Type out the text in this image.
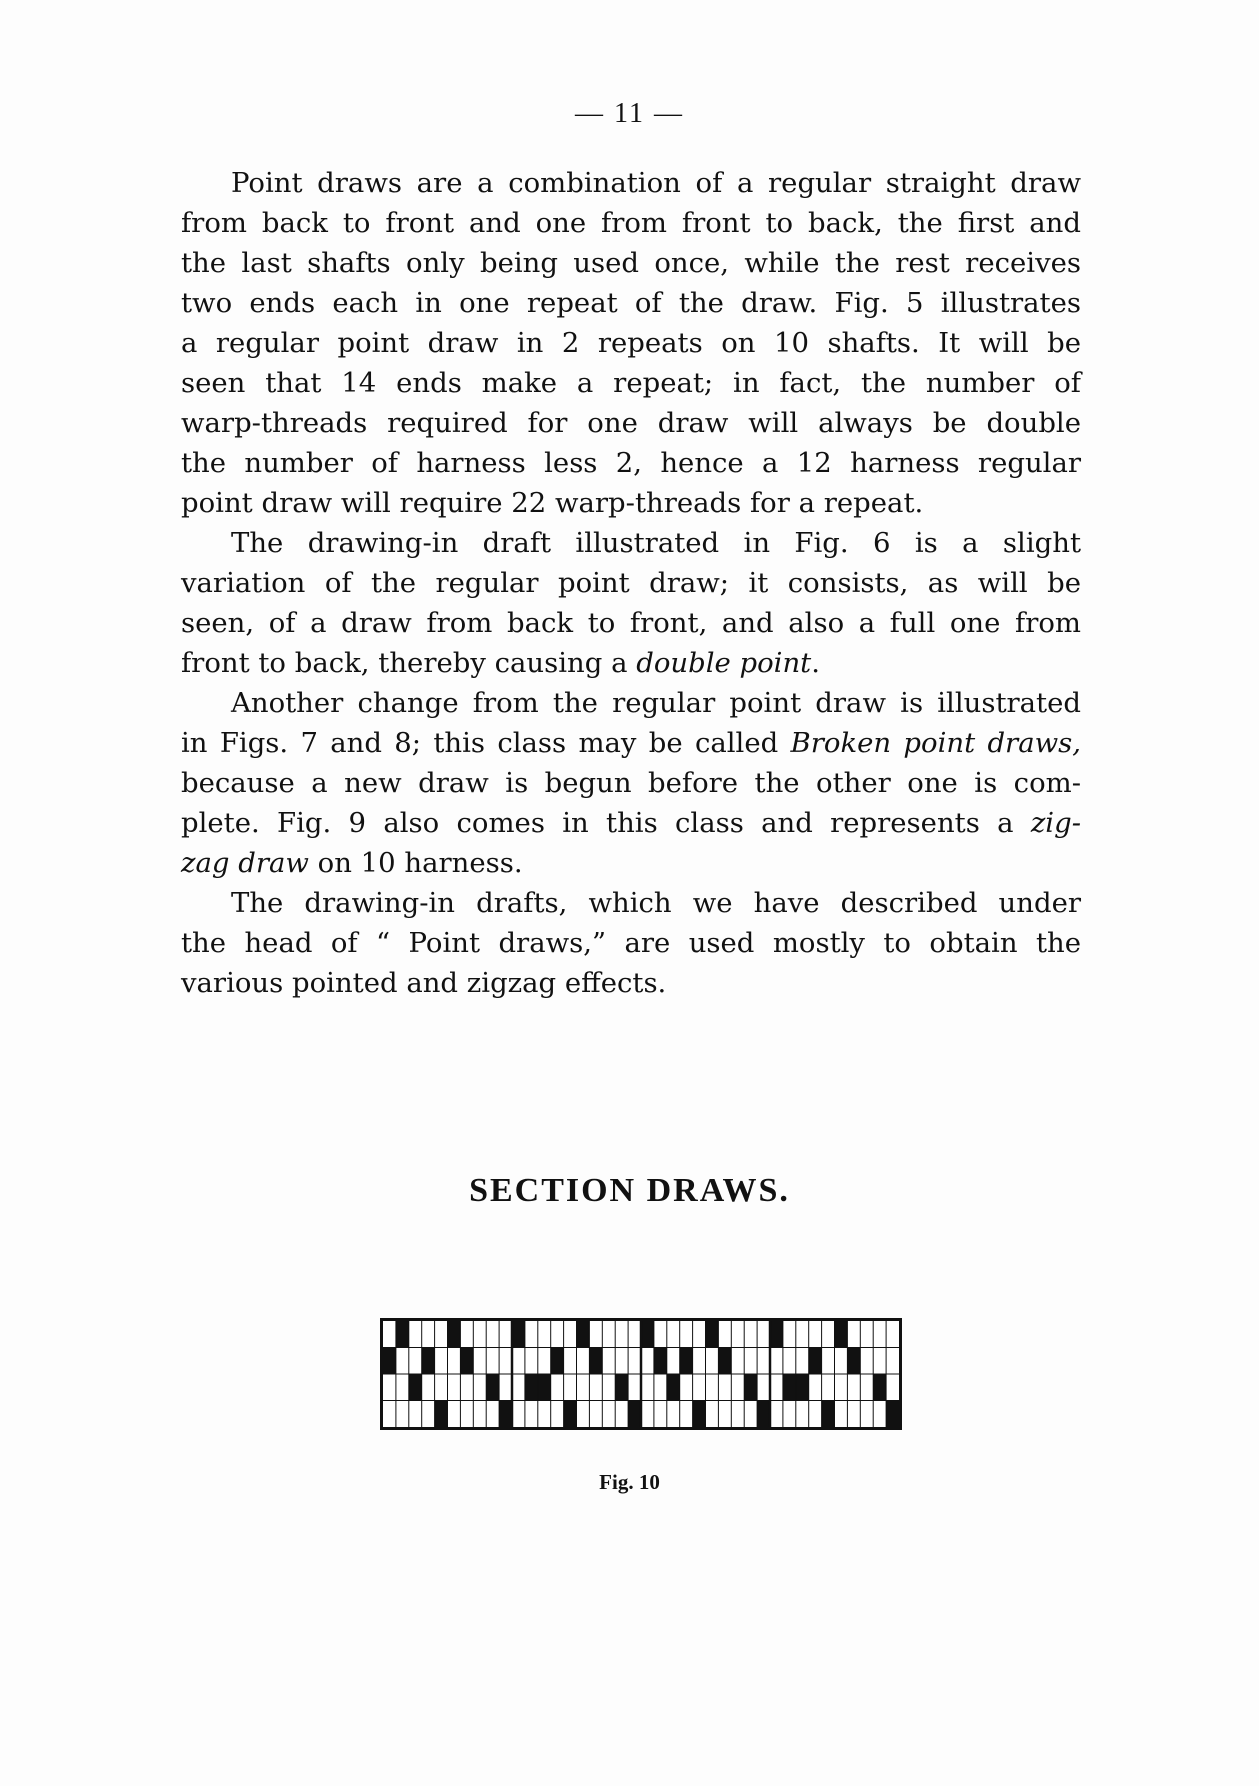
— 11 —
Point draws are a combination of a regular straight draw
from back to front and one from front to back, the first and
the last shafts only being used once, while the rest receives
two ends each in one repeat of the draw. Fig. 5 illustrates
a regular point draw in 2 repeats on 10 shafts. It will be
seen that 14 ends make a repeat; in fact, the number of
warp-threads required for one draw will always be double
the number of harness less 2, hence a 12 harness regular
point draw will require 22 warp-threads for a repeat.
The drawing-in draft illustrated in Fig. 6 is a slight
variation of the regular point draw; it consists, as will be
seen, of a draw from back to front, and also a full one from
front to back, thereby causing a double point.
Another change from the regular point draw is illustrated
in Figs. 7 and 8; this class may be called Broken point draws,
because a new draw is begun before the other one is com-
plete. Fig. 9 also comes in this class and represents a zig-
zag draw on 10 harness.
The drawing-in drafts, which we have described under
the head of “ Point draws,” are used mostly to obtain the
various pointed and zigzag effects.
SECTION DRAWS.
Fig. 10
